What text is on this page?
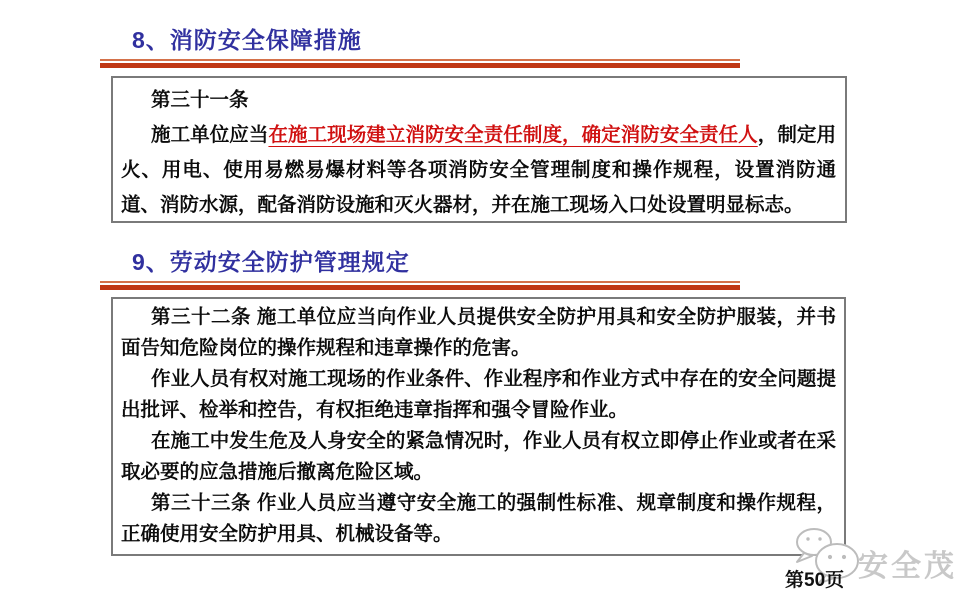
8、消防安全保障措施

第三十一条

施工单位应当在施工现场建立消防安全责任制度，确定消防安全责任人，制定用火、用电、使用易燃易爆材料等各项消防安全管理制度和操作规程，设置消防通道、消防水源，配备消防设施和灭火器材，并在施工现场入口处设置明显标志。

9、劳动安全防护管理规定

第三十二条 施工单位应当向作业人员提供安全防护用具和安全防护服装，并书面告知危险岗位的操作规程和违章操作的危害。

作业人员有权对施工现场的作业条件、作业程序和作业方式中存在的安全问题提出批评、检举和控告，有权拒绝违章指挥和强令冒险作业。

在施工中发生危及人身安全的紧急情况时，作业人员有权立即停止作业或者在采取必要的应急措施后撤离危险区域。

第三十三条 作业人员应当遵守安全施工的强制性标准、规章制度和操作规程，正确使用安全防护用具、机械设备等。

安全茂
第50页
